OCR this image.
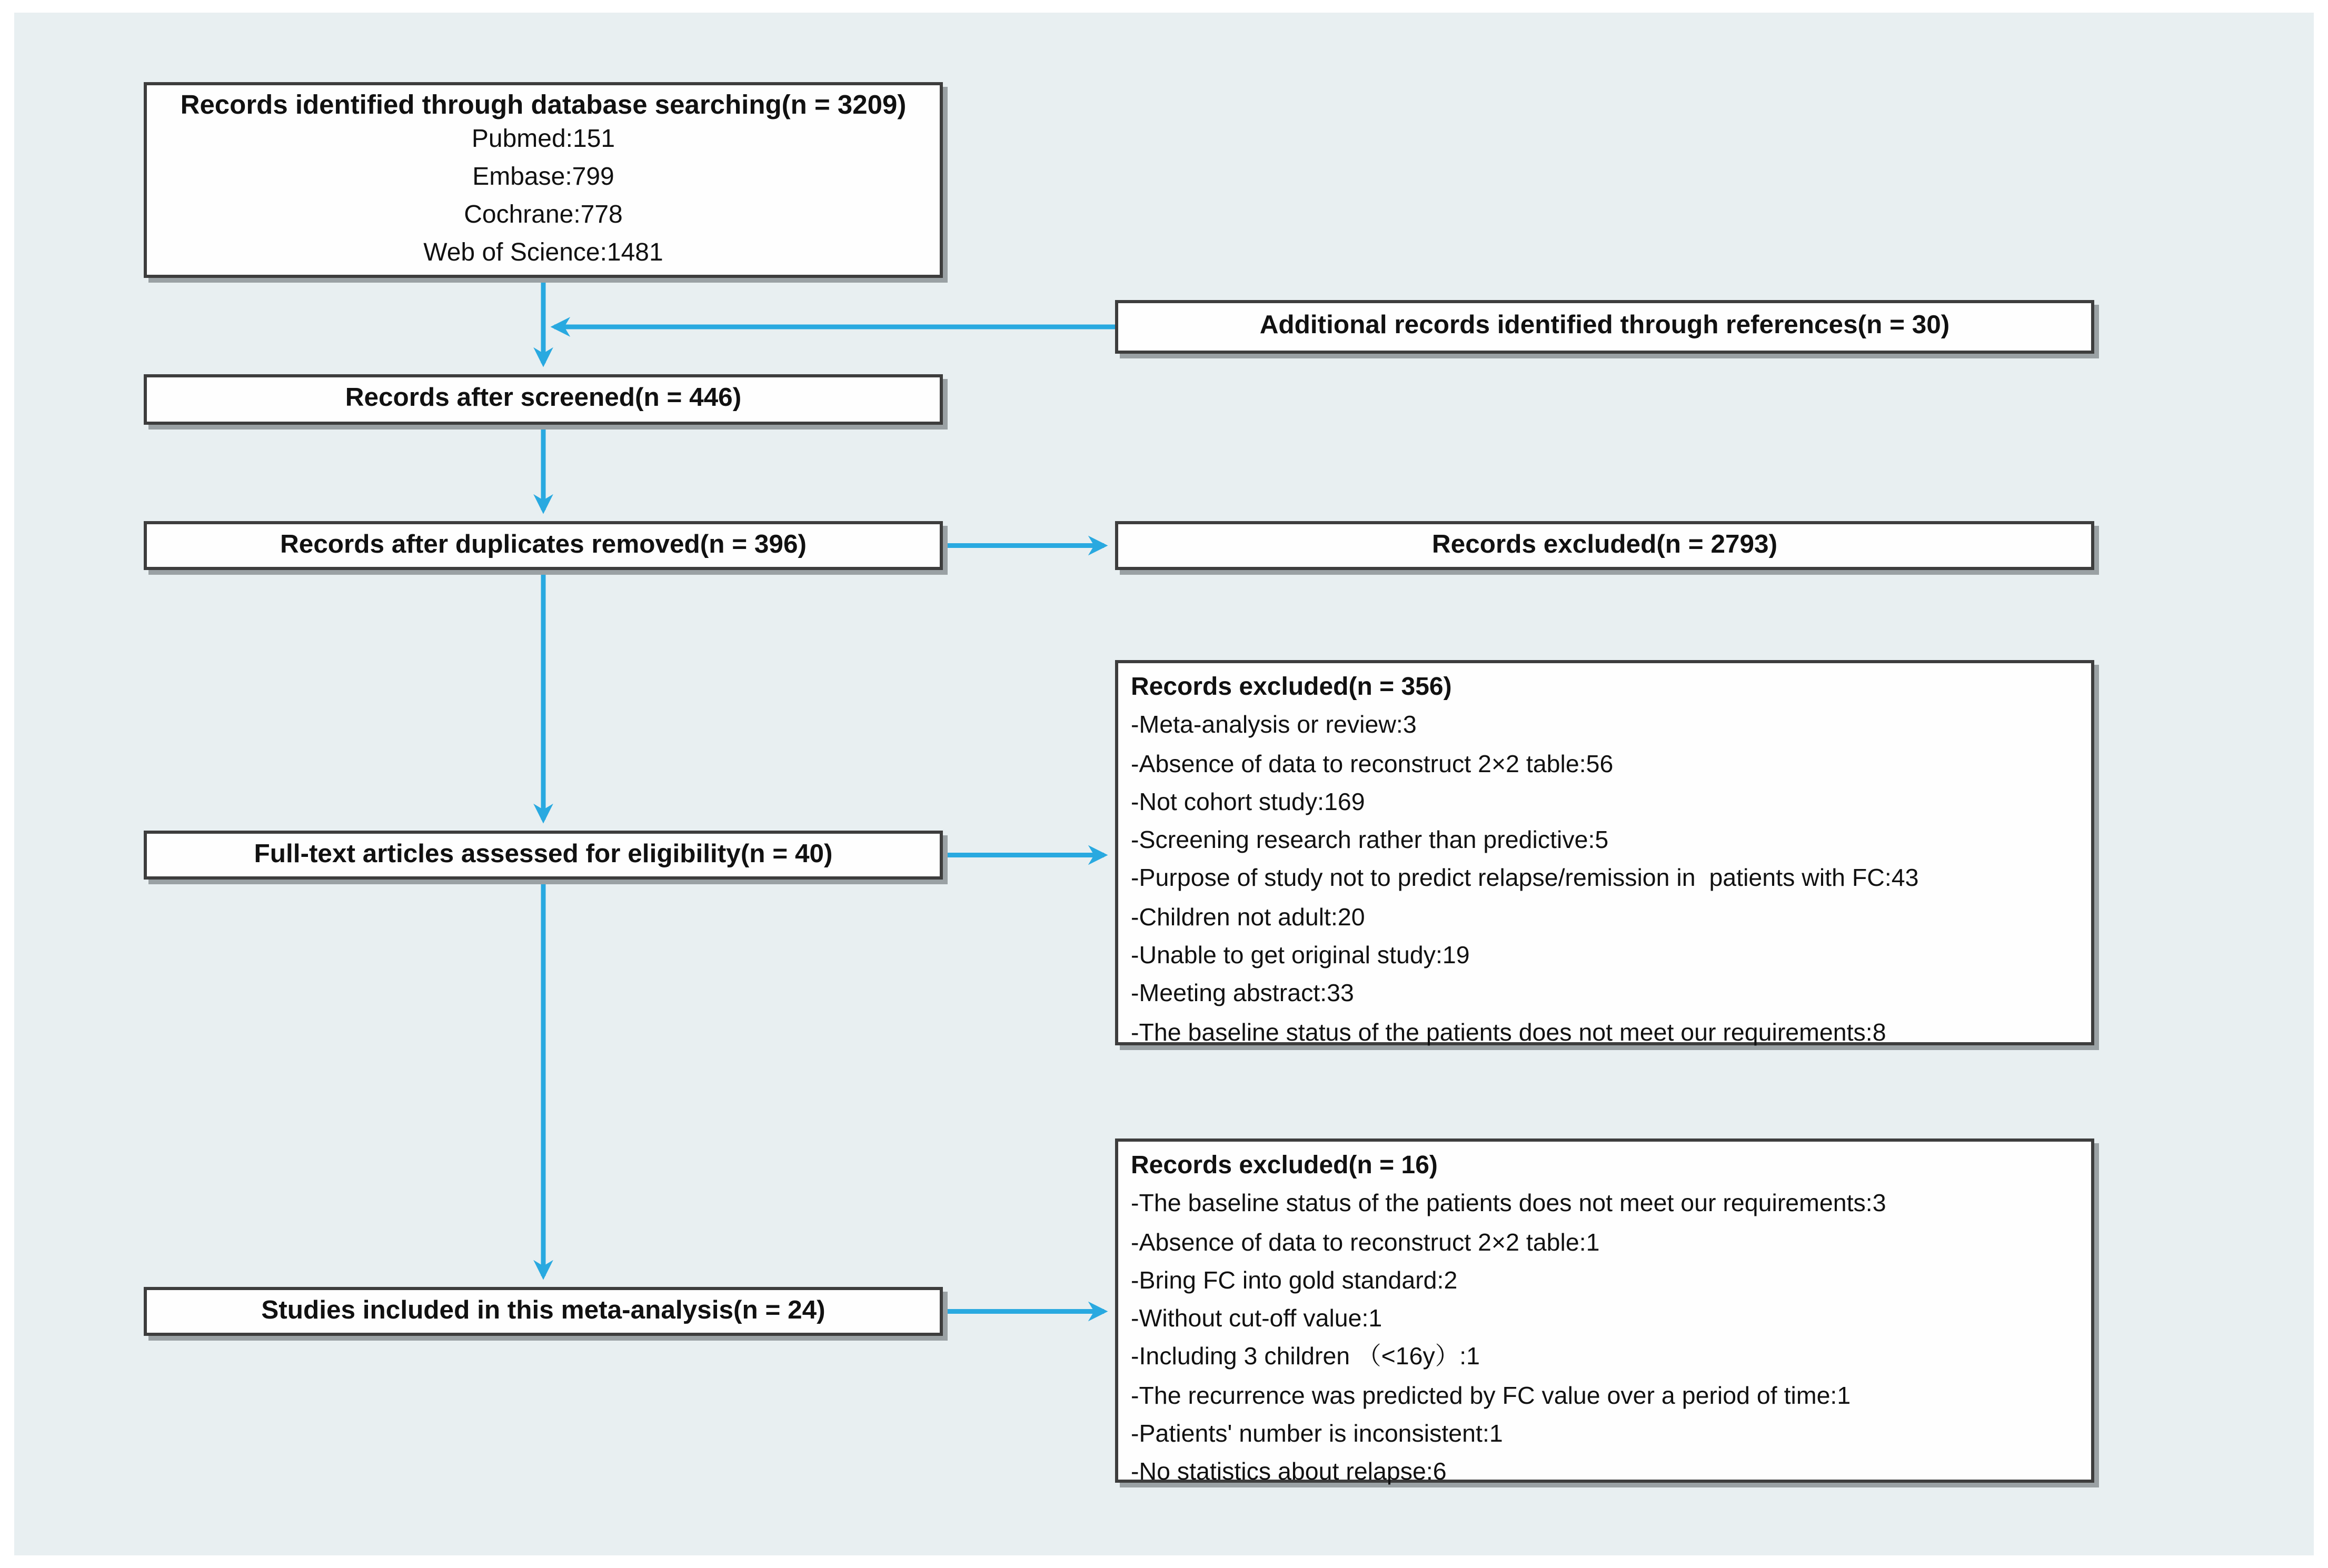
Records identified through database searching(n = 3209)
Pubmed:151
Embase:799
Cochrane:778
Web of Science:1481
Additional records identified through references(n = 30)
Records after screened(n = 446)
Records after duplicates removed(n = 396)	Records excluded(n = 2793)
Records excluded(n = 356)
-Meta-analysis or review:3
-Absence of data to reconstruct 2×2 table:56
-Not cohort study:169
-Screening research rather than predictive:5
-Purpose of study not to predict relapse/remission in  patients with FC:43
-Children not adult:20
-Unable to get original study:19
-Meeting abstract:33
-The baseline status of the patients does not meet our requirements:8
Full-text articles assessed for eligibility(n = 40)
Records excluded(n = 16)
-The baseline status of the patients does not meet our requirements:3
-Absence of data to reconstruct 2×2 table:1
-Bring FC into gold standard:2
-Without cut-off value:1
-Including 3 children （<16y）:1
-The recurrence was predicted by FC value over a period of time:1
-Patients' number is inconsistent:1
-No statistics about relapse:6
Studies included in this meta-analysis(n = 24)
